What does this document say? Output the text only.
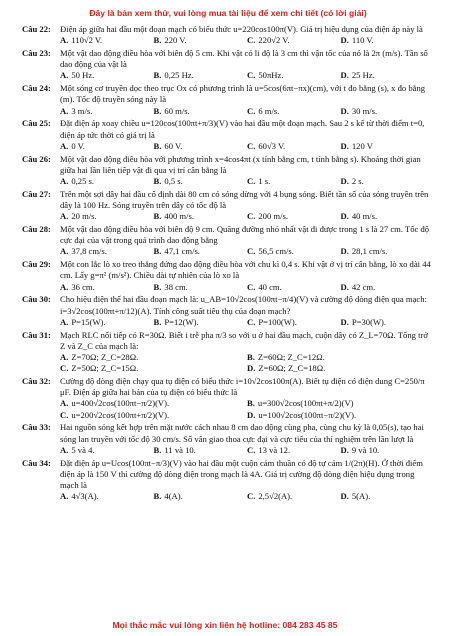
Đây là bản xem thử, vui lòng mua tài liệu để xem chi tiết (có lời giải)
Câu 22:	Điện áp giữa hai đầu một đoạn mạch có biểu thức u=220cos100π(V). Giá trị hiệu dụng của điện áp này là
A. 110√2 V.	B. 220 V.	C. 220√2 V.	D. 110 V.
Câu 23:	Một vật dao động điều hòa với biên độ 5 cm. Khi vật có li độ là 3 cm thì vận tốc của nó là 2π (m/s). Tần số dao động của vật là
A. 50 Hz.	B. 0,25 Hz.	C. 50πHz.	D. 25 Hz.
Câu 24:	Một sóng cơ truyền dọc theo trục Ox có phương trình là u=5cos(6πt−πx)(cm), với t đo bằng (s), x đo bằng (m). Tốc độ truyền sóng này là
A. 3 m/s.	B. 60 m/s.	C. 6 m/s.	D. 30 m/s.
Câu 25:	Đặt điện áp xoay chiều u=120cos(100πt+π/3)(V) vào hai đầu một đoạn mạch. Sau 2 s kể từ thời điểm t=0, điện áp tức thời có giá trị là
A. 0 V.	B. 60 V.	C. 60√3 V.	D. 120 V
Câu 26:	Một vật dao động điều hòa với phương trình x=4cos4πt (x tính bằng cm, t tính bằng s). Khoảng thời gian giữa hai lần liên tiếp vật đi qua vị trí cân bằng là
A. 0,25 s.	B. 0,5 s.	C. 1 s.	D. 2 s.
Câu 27:	Trên một sợi dây hai đầu cố định dài 80 cm có sóng dừng với 4 bụng sóng. Biết tần số của sóng truyền trên dây là 100 Hz. Sóng truyền trên dây có tốc độ là
A. 20 m/s.	B. 400 m/s.	C. 200 m/s.	D. 40 m/s.
Câu 28:	Một vật dao động điều hòa với biên độ 9 cm. Quãng đường nhỏ nhất vật đi được trong 1 s là 27 cm. Tốc độ cực đại của vật trong quá trình dao động bằng
A. 37,8 cm/s.	B. 47,1 cm/s.	C. 56,5 cm/s.	D. 28,1 cm/s.
Câu 29:	Một con lắc lò xo treo thẳng đứng dao động điều hòa với chu kì 0,4 s. Khi vật ở vị trí cân bằng, lò xo dài 44 cm. Lấy g=π² (m/s²). Chiều dài tự nhiên của lò xo là
A. 36 cm.	B. 38 cm.	C. 40 cm.	D. 42 cm.
Câu 30:	Cho hiệu điện thế hai đầu đoạn mạch là: u_AB=10√2cos(100πt−π/4)(V) và cường độ dòng điện qua mạch: i=3√2cos(100πt+π/12)(A). Tính công suất tiêu thụ của đoạn mạch?
A. P=15(W).	B. P=12(W).	C. P=100(W).	D. P=30(W).
Câu 31:	Mạch RLC nối tiếp có R=30Ω. Biết i trễ pha π/3 so với u ở hai đầu mạch, cuộn dây có Z_L=70Ω. Tổng trở Z và Z_C của mạch là:
A. Z=70Ω; Z_C=28Ω.	B. Z=60Ω; Z_C=12Ω.
C. Z=50Ω; Z_C=15Ω.	D. Z=60Ω; Z_C=18Ω.
Câu 32:	Cường độ dòng điện chạy qua tụ điện có biểu thức i=10√2cos100π(A). Biết tụ điện có điện dung C=250/π μF. Điện áp giữa hai bản của tụ điện có biểu thức là
A. u=400√2cos(100πt−π/2)(V).	B. u=300√2cos(100πt+π/2)(V)
C. u=200√2cos(100πt+π/2)(V).	D. u=100√2cos(100πt−π/2)(V).
Câu 33:	Hai nguồn sóng kết hợp trên mặt nước cách nhau 8 cm dao động cùng pha, cùng chu kỳ là 0,05(s), tạo hai sóng lan truyền với tốc độ 30 cm/s. Số vân giao thoa cực đại và cực tiểu của thí nghiệm trên lần lượt là
A. 5 và 4.	B. 11 và 10.	C. 13 và 12.	D. 9 và 10.
Câu 34:	Đặt điện áp u=Ucos(100πt−π/3)(V) vào hai đầu một cuộn cảm thuần có độ tự cảm 1/(2π)(H). Ở thời điểm điện áp là 150 V thì cường độ dòng điện trong mạch là 4A. Giá trị cường độ dòng điện hiệu dụng trong mạch là
A. 4√3(A).	B. 4(A).	C. 2,5√2(A).	D. 5(A).
Mọi thắc mắc vui lòng xin liên hệ hotline: 084 283 45 85
